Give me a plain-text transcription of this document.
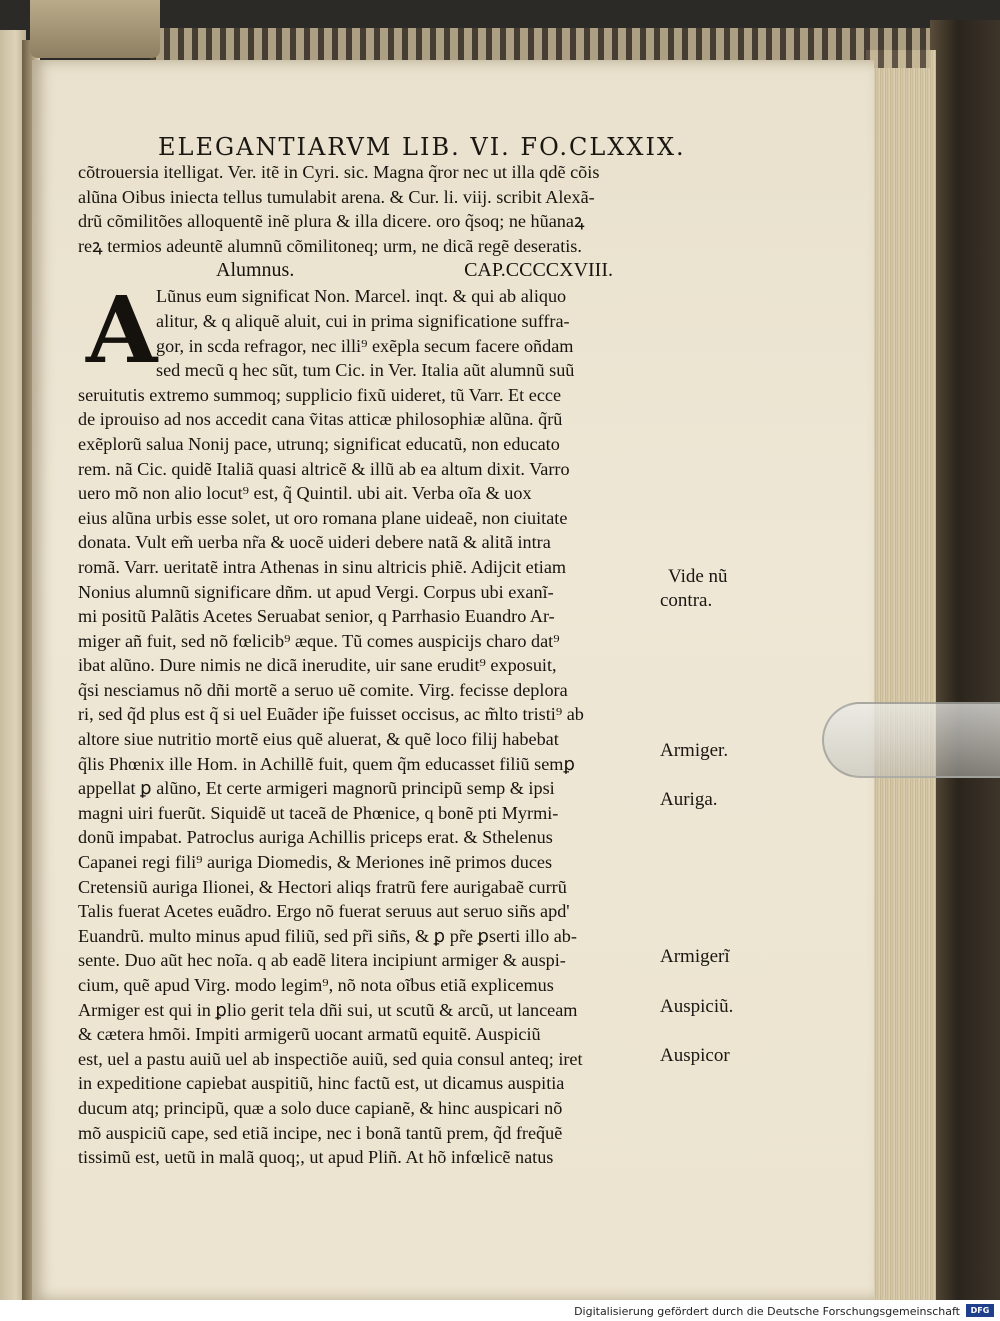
ELEGANTIARVM LIB. VI. FO.CLXXIX.
A
cõtrouersia itelligat. Ver. itẽ in Cyri. sic. Magna q̃ror nec ut illa qdẽ cõis
alũna Oibus iniecta tellus tumulabit arena. & Cur. li. viij. scribit Alexã-
drũ cõmilitões alloquentẽ inẽ plura & illa dicere. oro q̃soq; ne hũanaꝝ
reꝝ termios adeuntẽ alumnũ cõmilitoneq; urm, ne dicã regẽ deseratis.
Alumnus.	CAP.CCCCXVIII.
Lũnus eum significat Non. Marcel. inqt. & qui ab aliquo
alitur, & q aliquẽ aluit, cui in prima significatione suffra-
gor, in scda refragor, nec illi⁹ exẽpla secum facere oñdam
sed mecũ q hec sũt, tum Cic. in Ver. Italia aũt alumnũ suũ
seruitutis extremo summoq; supplicio fixũ uideret, tũ Varr. Et ecce
de iprouiso ad nos accedit cana ṽitas atticæ philosophiæ alũna. q̃rũ
exẽplorũ salua Nonij pace, utrunq; significat educatũ, non educato
rem. nã Cic. quidẽ Italiã quasi altricẽ & illũ ab ea altum dixit. Varro
uero mõ non alio locut⁹ est, q̃ Quintil. ubi ait. Verba oĩa & uox
eius alũna urbis esse solet, ut oro romana plane uideaẽ, non ciuitate
donata. Vult em̃ uerba nr̃a & uocẽ uideri debere natã & alitã intra
romã. Varr. ueritatẽ intra Athenas in sinu altricis phiẽ. Adijcit etiam
Nonius alumnũ significare dñm. ut apud Vergi. Corpus ubi exanĩ-
mi positũ Palãtis Acetes Seruabat senior, q Parrhasio Euandro Ar-
miger añ fuit, sed nõ fœlicib⁹ æque. Tũ comes auspicijs charo dat⁹
ibat alũno. Dure nimis ne dicã inerudite, uir sane erudit⁹ exposuit,
q̃si nesciamus nõ dñi mortẽ a seruo uẽ comite. Virg. fecisse deplora
ri, sed q̃d plus est q̃ si uel Euãder ip̃e fuisset occisus, ac m̃lto tristi⁹ ab
altore siue nutritio mortẽ eius quẽ aluerat, & quẽ loco filij habebat
q̃lis Phœnix ille Hom. in Achillẽ fuit, quem q̃m educasset filiũ semꝑ
appellat ꝑ alũno, Et certe armigeri magnorũ principũ semp & ipsi
magni uiri fuerũt. Siquidẽ ut taceã de Phœnice, q bonẽ pti Myrmi-
donũ impabat. Patroclus auriga Achillis priceps erat. & Sthelenus
Capanei regi fili⁹ auriga Diomedis, & Meriones inẽ primos duces
Cretensiũ auriga Ilionei, & Hectori aliqs fratrũ fere aurigabaẽ currũ
Talis fuerat Acetes euãdro. Ergo nõ fuerat seruus aut seruo siñs apd'
Euandrũ. multo minus apud filiũ, sed pr̃i siñs, & ꝑ pr̃e ꝑserti illo ab-
sente. Duo aũt hec noĩa. q ab eadẽ litera incipiunt armiger & auspi-
cium, quẽ apud Virg. modo legim⁹, nõ nota oĩbus etiã explicemus
Armiger est qui in ꝑlio gerit tela dñi sui, ut scutũ & arcũ, ut lanceam
& cætera hmõi. Impiti armigerũ uocant armatũ equitẽ. Auspiciũ
est, uel a pastu auiũ uel ab inspectiõe auiũ, sed quia consul anteq; iret
in expeditione capiebat auspitiũ, hinc factũ est, ut dicamus auspitia
ducum atq; principũ, quæ a solo duce capianẽ, & hinc auspicari nõ
mõ auspiciũ cape, sed etiã incipe, nec i bonã tantũ prem, q̃d freq̃uẽ
tissimũ est, uetũ in malã quoq;, ut apud Pliñ. At hõ infœlicẽ natus
Vide nũ
contra.
Armiger.
Auriga.
Armigerĩ
Auspiciũ.
Auspicor
Digitalisierung gefördert durch die Deutsche Forschungsgemeinschaft	DFG
